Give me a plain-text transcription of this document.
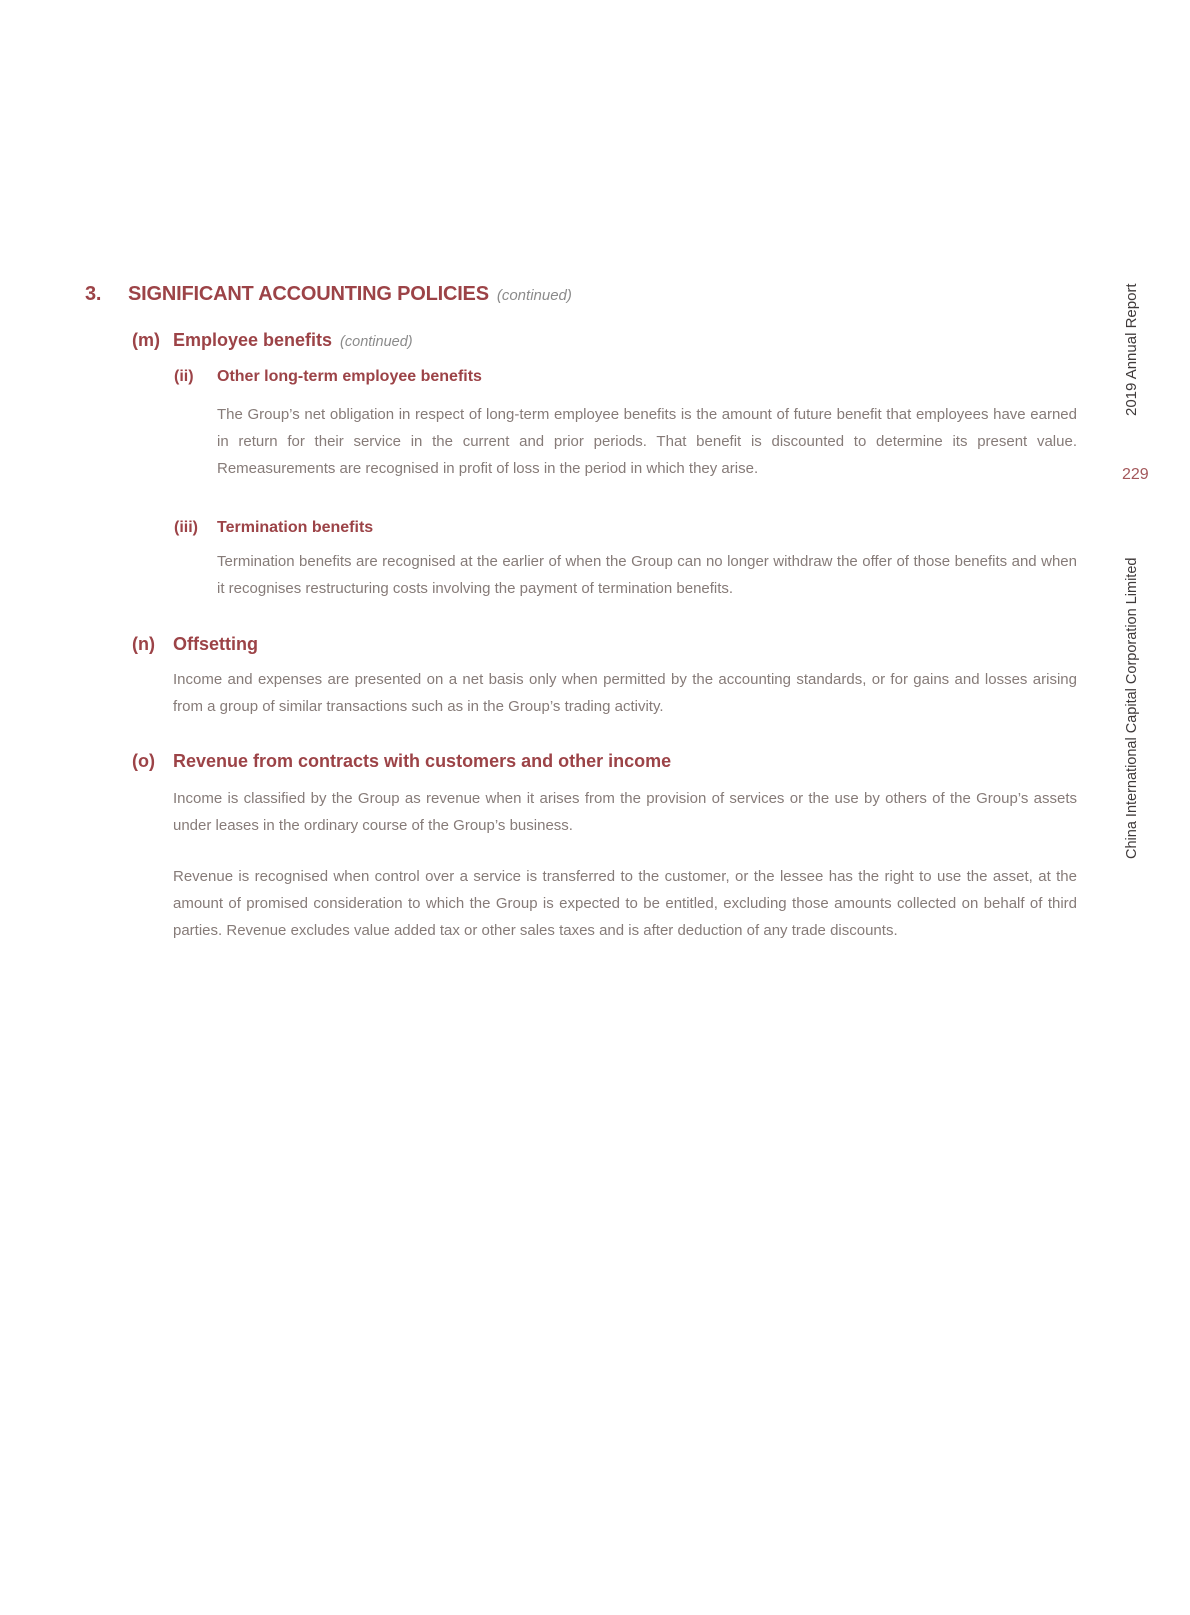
3.	SIGNIFICANT ACCOUNTING POLICIES (continued)
(m) Employee benefits (continued)
(ii)	Other long-term employee benefits

The Group’s net obligation in respect of long-term employee benefits is the amount of future benefit that employees have earned in return for their service in the current and prior periods. That benefit is discounted to determine its present value. Remeasurements are recognised in profit of loss in the period in which they arise.

(iii)	Termination benefits

Termination benefits are recognised at the earlier of when the Group can no longer withdraw the offer of those benefits and when it recognises restructuring costs involving the payment of termination benefits.

(n)	Offsetting

Income and expenses are presented on a net basis only when permitted by the accounting standards, or for gains and losses arising from a group of similar transactions such as in the Group’s trading activity.

(o)	Revenue from contracts with customers and other income

Income is classified by the Group as revenue when it arises from the provision of services or the use by others of the Group’s assets under leases in the ordinary course of the Group’s business.

Revenue is recognised when control over a service is transferred to the customer, or the lessee has the right to use the asset, at the amount of promised consideration to which the Group is expected to be entitled, excluding those amounts collected on behalf of third parties. Revenue excludes value added tax or other sales taxes and is after deduction of any trade discounts.

2019 Annual Report
229
China International Capital Corporation Limited
